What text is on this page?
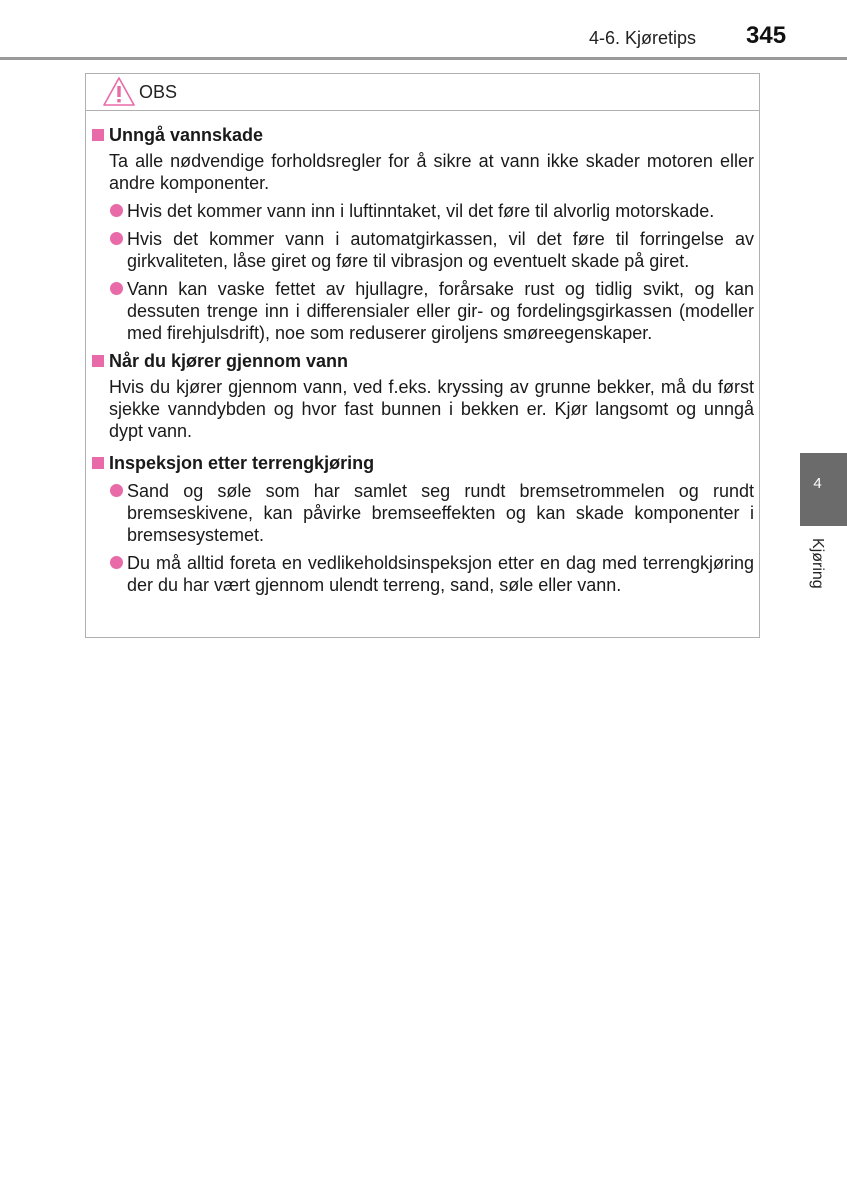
4-6. Kjøretips 345
OBS
Unngå vannskade

Ta alle nødvendige forholdsregler for å sikre at vann ikke skader motoren eller andre komponenter.

Hvis det kommer vann inn i luftinntaket, vil det føre til alvorlig motorskade.
Hvis det kommer vann i automatgirkassen, vil det føre til forringelse av girkvaliteten, låse giret og føre til vibrasjon og eventuelt skade på giret.
Vann kan vaske fettet av hjullagre, forårsake rust og tidlig svikt, og kan dessuten trenge inn i differensialer eller gir- og fordelingsgirkassen (modeller med firehjulsdrift), noe som reduserer giroljens smøreegenskaper.
Når du kjører gjennom vann

Hvis du kjører gjennom vann, ved f.eks. kryssing av grunne bekker, må du først sjekke vanndybden og hvor fast bunnen i bekken er. Kjør langsomt og unngå dypt vann.

Inspeksjon etter terrengkjøring
Sand og søle som har samlet seg rundt bremsetrommelen og rundt bremseskivene, kan påvirke bremseeffekten og kan skade komponenter i bremsesystemet.
Du må alltid foreta en vedlikeholdsinspeksjon etter en dag med terrengkjøring der du har vært gjennom ulendt terreng, sand, søle eller vann.
4
Kjøring
